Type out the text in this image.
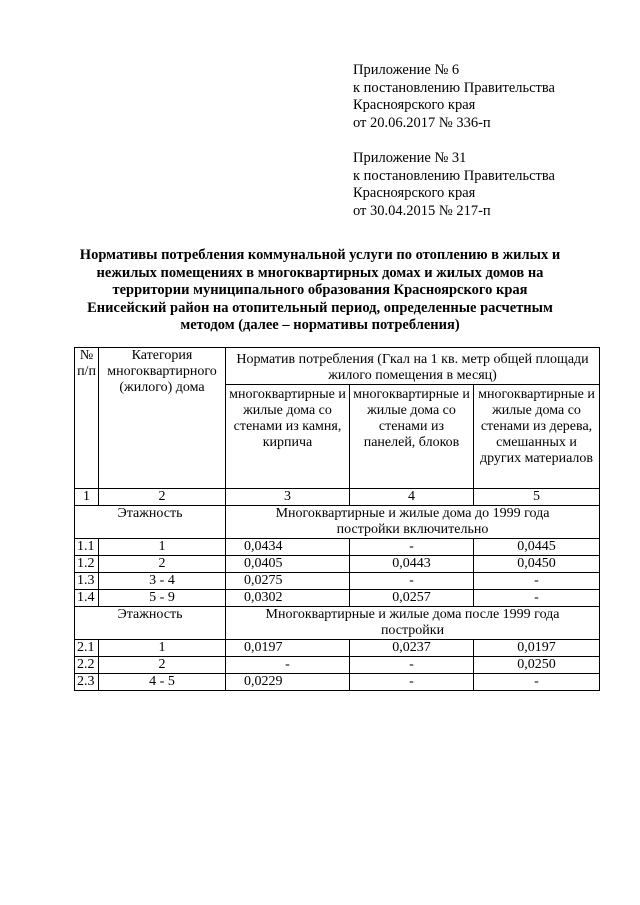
Приложение № 6
к постановлению Правительства
Красноярского края
от 20.06.2017 № 336-п
Приложение № 31
к постановлению Правительства
Красноярского края
от 30.04.2015 № 217-п
Нормативы потребления коммунальной услуги по отоплению в жилых и
нежилых помещениях в многоквартирных домах и жилых домов на
территории муниципального образования Красноярского края
Енисейский район на отопительный период, определенные расчетным
методом (далее – нормативы потребления)
№ п/п	Категория многоквартирного (жилого) дома	Норматив потребления (Гкал на 1 кв. метр общей площади жилого помещения в месяц)		
		многоквартирные и жилые дома со стенами из камня, кирпича	многоквартирные и жилые дома со стенами из панелей, блоков	многоквартирные и жилые дома со стенами из дерева, смешанных и других материалов
1	2	3	4	5
Этажность		Многоквартирные и жилые дома до 1999 года постройки включительно		
1.1	1	0,0434	-	0,0445
1.2	2	0,0405	0,0443	0,0450
1.3	3 - 4	0,0275	-	-
1.4	5 - 9	0,0302	0,0257	-
Этажность		Многоквартирные и жилые дома после 1999 года постройки		
2.1	1	0,0197	0,0237	0,0197
2.2	2	-	-	0,0250
2.3	4 - 5	0,0229	-	-
